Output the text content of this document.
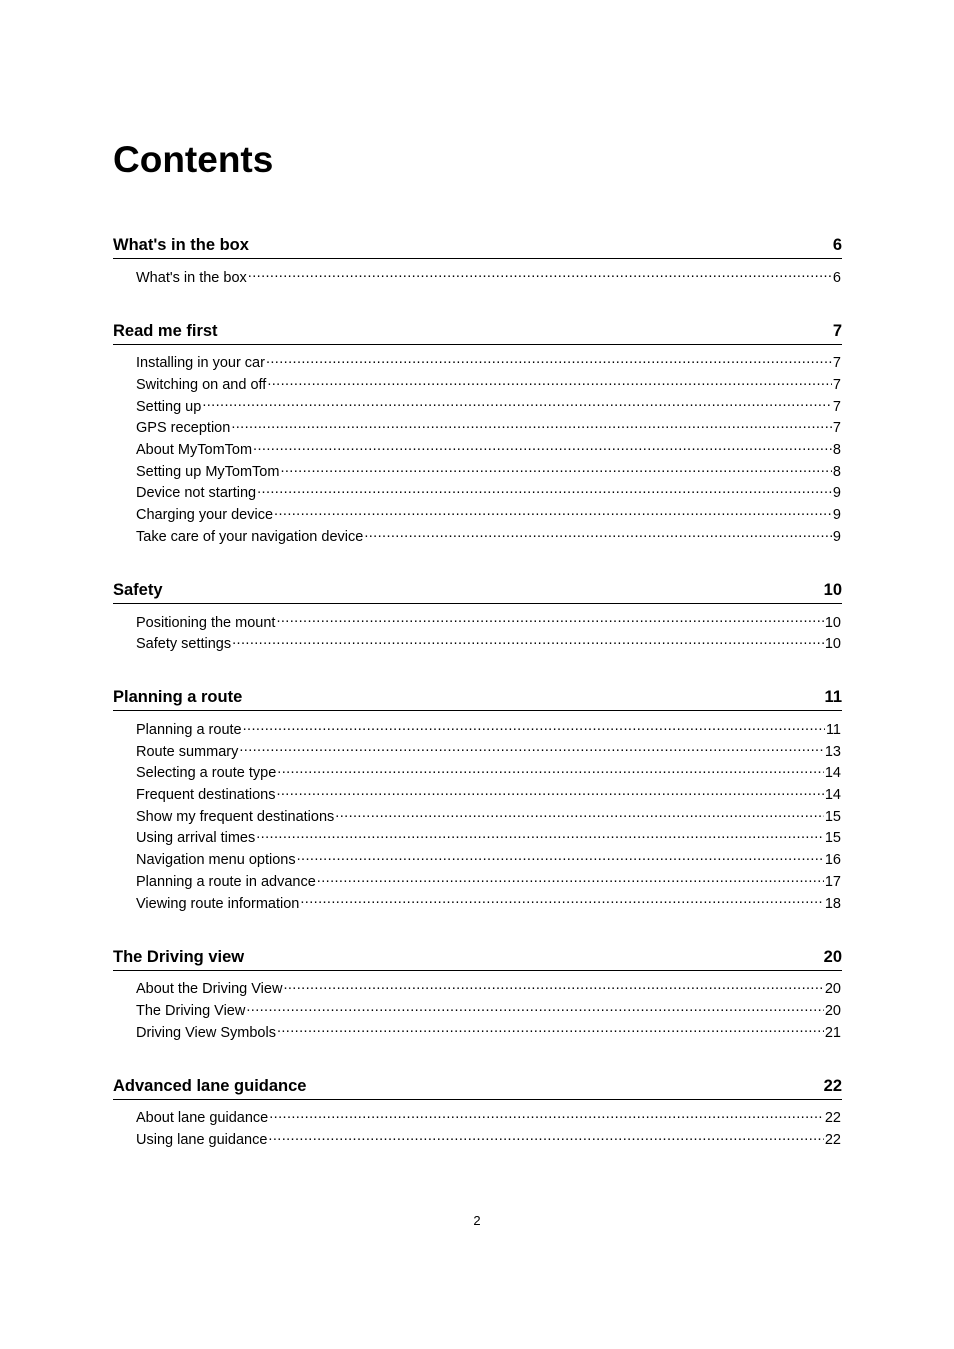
Contents
What's in the box	6
What's in the box .....	6
Read me first	7
Installing in your car .....	7
Switching on and off .....	7
Setting up .....	7
GPS reception .....	7
About MyTomTom .....	8
Setting up MyTomTom .....	8
Device not starting .....	9
Charging your device .....	9
Take care of your navigation device .....	9
Safety	10
Positioning the mount .....	10
Safety settings .....	10
Planning a route	11
Planning a route .....	11
Route summary .....	13
Selecting a route type .....	14
Frequent destinations .....	14
Show my frequent destinations .....	15
Using arrival times .....	15
Navigation menu options .....	16
Planning a route in advance .....	17
Viewing route information .....	18
The Driving view	20
About the Driving View .....	20
The Driving View .....	20
Driving View Symbols .....	21
Advanced lane guidance	22
About lane guidance .....	22
Using lane guidance .....	22
2
